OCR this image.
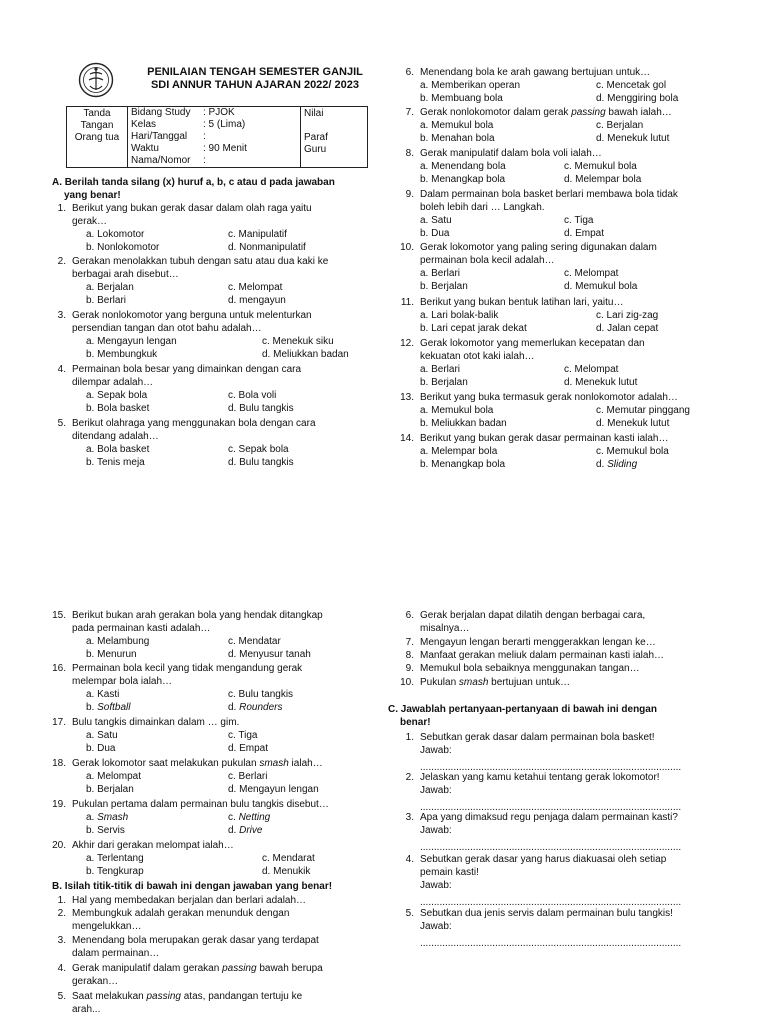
PENILAIAN TENGAH SEMESTER GANJIL
SDI ANNUR TAHUN AJARAN 2022/ 2023
Tanda
Tangan
Orang tua

Bidang Study	: PJOK
Kelas	: 5 (Lima)
Hari/Tanggal	:
Waktu	: 90 Menit
Nama/Nomor	:

Nilai
Paraf
Guru
A. Berilah tanda silang (x) huruf a, b, c atau d pada jawaban
yang benar!
1. Berikut yang bukan gerak dasar dalam olah raga yaitu
gerak…
a. Lokomotor
b. Nonlokomotor
c. Manipulatif
d. Nonmanipulatif
2. Gerakan menolakkan tubuh dengan satu atau dua kaki ke
berbagai arah disebut…
a. Berjalan
b. Berlari
c. Melompat
d. mengayun
3. Gerak nonlokomotor yang berguna untuk melenturkan
persendian tangan dan otot bahu adalah…
a. Mengayun lengan
b. Membungkuk
c. Menekuk siku
d. Meliukkan badan
4. Permainan bola besar yang dimainkan dengan cara
dilempar adalah…
a. Sepak bola
b. Bola basket
c. Bola voli
d. Bulu tangkis
5. Berikut olahraga yang menggunakan bola dengan cara
ditendang adalah…
a. Bola basket
b. Tenis meja
c. Sepak bola
d. Bulu tangkis
6. Menendang bola ke arah gawang bertujuan untuk…
a. Memberikan operan
b. Membuang bola
c. Mencetak gol
d. Menggiring bola
7. Gerak nonlokomotor dalam gerak passing bawah ialah…
a. Memukul bola
b. Menahan bola
c. Berjalan
d. Menekuk lutut
8. Gerak manipulatif dalam bola voli ialah…
a. Menendang bola
b. Menangkap bola
c. Memukul bola
d. Melempar bola
9. Dalam permainan bola basket berlari membawa bola tidak
boleh lebih dari … Langkah.
a. Satu
b. Dua
c. Tiga
d. Empat
10. Gerak lokomotor yang paling sering digunakan dalam
permainan bola kecil adalah…
a. Berlari
b. Berjalan
c. Melompat
d. Memukul bola
11. Berikut yang bukan bentuk latihan lari, yaitu…
a. Lari bolak-balik
b. Lari cepat jarak dekat
c. Lari zig-zag
d. Jalan cepat
12. Gerak lokomotor yang memerlukan kecepatan dan
kekuatan otot kaki ialah…
a. Berlari
b. Berjalan
c. Melompat
d. Menekuk lutut
13. Berikut yang buka termasuk gerak nonlokomotor adalah…
a. Memukul bola
b. Meliukkan badan
c. Memutar pinggang
d. Menekuk lutut
14. Berikut yang bukan gerak dasar permainan kasti ialah…
a. Melempar bola
b. Menangkap bola
c. Memukul bola
d. Sliding
15. Berikut bukan arah gerakan bola yang hendak ditangkap
pada permainan kasti adalah…
a. Melambung
b. Menurun
c. Mendatar
d. Menyusur tanah
16. Permainan bola kecil yang tidak mengandung gerak
melempar bola ialah…
a. Kasti
b. Softball
c. Bulu tangkis
d. Rounders
17. Bulu tangkis dimainkan dalam … gim.
a. Satu
b. Dua
c. Tiga
d. Empat
18. Gerak lokomotor saat melakukan pukulan smash ialah…
a. Melompat
b. Berjalan
c. Berlari
d. Mengayun lengan
19. Pukulan pertama dalam permainan bulu tangkis disebut…
a. Smash
b. Servis
c. Netting
d. Drive
20. Akhir dari gerakan melompat ialah…
a. Terlentang
b. Tengkurap
c. Mendarat
d. Menukik
B. Isilah titik-titik di bawah ini dengan jawaban yang benar!
1. Hal yang membedakan berjalan dan berlari adalah…
2. Membungkuk adalah gerakan menunduk dengan
mengelukkan…
3. Menendang bola merupakan gerak dasar yang terdapat
dalam permainan…
4. Gerak manipulatif dalam gerakan passing bawah berupa
gerakan…
5. Saat melakukan passing atas, pandangan tertuju ke
arah...
6. Gerak berjalan dapat dilatih dengan berbagai cara,
misalnya…
7. Mengayun lengan berarti menggerakkan lengan ke…
8. Manfaat gerakan meliuk dalam permainan kasti ialah…
9. Memukul bola sebaiknya menggunakan tangan…
10. Pukulan smash bertujuan untuk…
C. Jawablah pertanyaan-pertanyaan di bawah ini dengan
benar!
1. Sebutkan gerak dasar dalam permainan bola basket!
Jawab:
..............................................................................................
2. Jelaskan yang kamu ketahui tentang gerak lokomotor!
Jawab:
..............................................................................................
3. Apa yang dimaksud regu penjaga dalam permainan kasti?
Jawab:
..............................................................................................
4. Sebutkan gerak dasar yang harus diakuasai oleh setiap
pemain kasti!
Jawab:
..............................................................................................
5. Sebutkan dua jenis servis dalam permainan bulu tangkis!
Jawab:
..............................................................................................
